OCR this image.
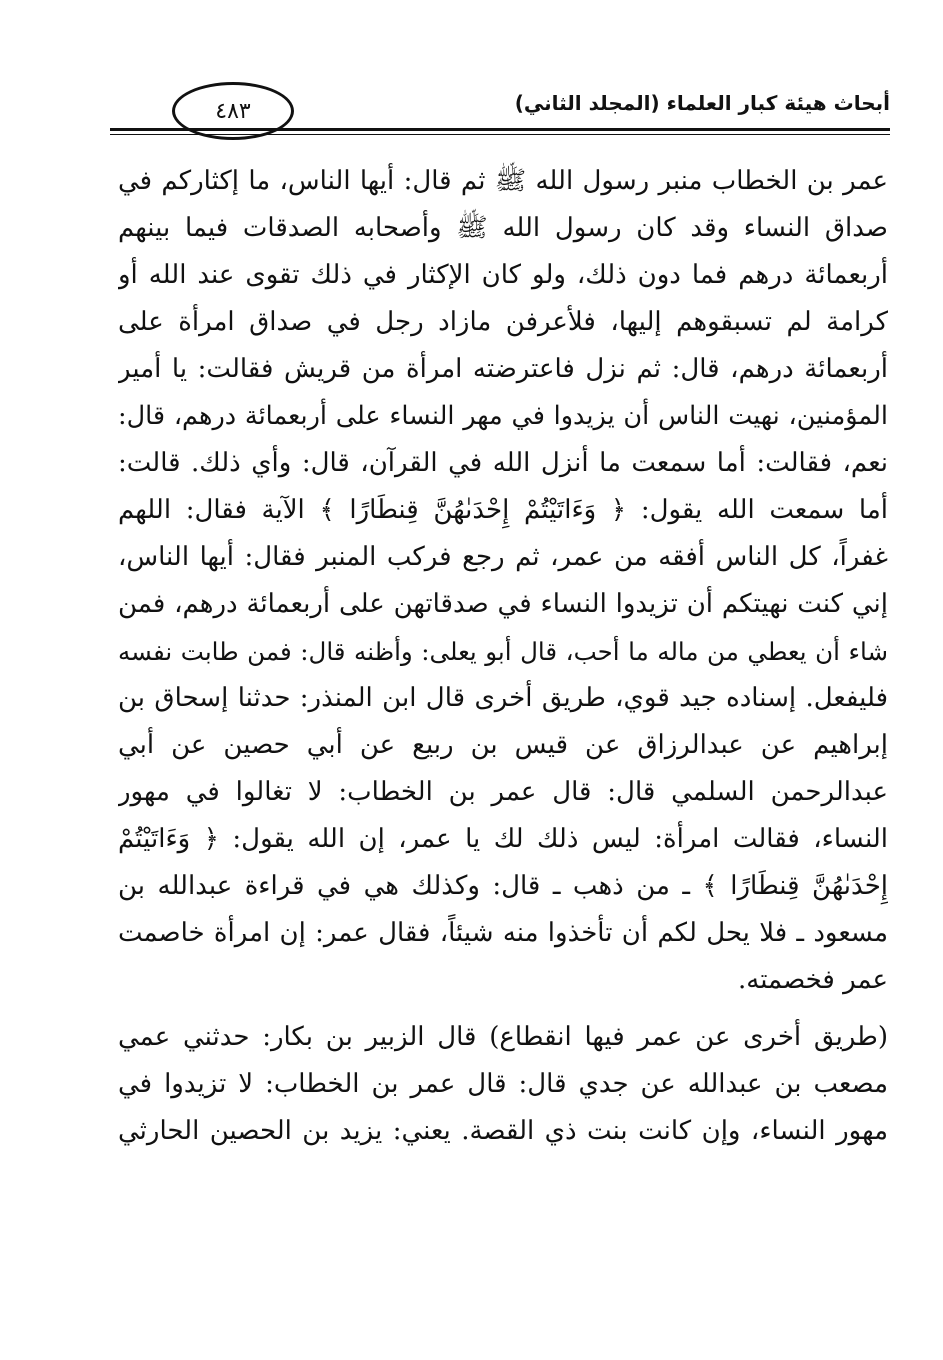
أبحاث هيئة كبار العلماء (المجلد الثاني)
٤٨٣
عمر بن الخطاب منبر رسول الله ﷺ ثم قال: أيها الناس، ما إكثاركم في
صداق النساء وقد كان رسول الله ﷺ وأصحابه الصدقات فيما بينهم
أربعمائة درهم فما دون ذلك، ولو كان الإكثار في ذلك تقوى عند الله أو
كرامة لم تسبقوهم إليها، فلأعرفن مازاد رجل في صداق امرأة على
أربعمائة درهم، قال: ثم نزل فاعترضته امرأة من قريش فقالت: يا أمير
المؤمنين، نهيت الناس أن يزيدوا في مهر النساء على أربعمائة درهم، قال:
نعم، فقالت: أما سمعت ما أنزل الله في القرآن، قال: وأي ذلك. قالت:
أما سمعت الله يقول: ﴿ وَءَاتَيْتُمْ إِحْدَىٰهُنَّ قِنطَارًا ﴾ الآية فقال: اللهم
غفراً، كل الناس أفقه من عمر، ثم رجع فركب المنبر فقال: أيها الناس،
إني كنت نهيتكم أن تزيدوا النساء في صدقاتهن على أربعمائة درهم، فمن
شاء أن يعطي من ماله ما أحب، قال أبو يعلى: وأظنه قال: فمن طابت نفسه
فليفعل. إسناده جيد قوي، طريق أخرى قال ابن المنذر: حدثنا إسحاق بن
إبراهيم عن عبدالرزاق عن قيس بن ربيع عن أبي حصين عن أبي
عبدالرحمن السلمي قال: قال عمر بن الخطاب: لا تغالوا في مهور
النساء، فقالت امرأة: ليس ذلك لك يا عمر، إن الله يقول: ﴿ وَءَاتَيْتُمْ
إِحْدَىٰهُنَّ قِنطَارًا ﴾ ـ من ذهب ـ قال: وكذلك هي في قراءة عبدالله بن
مسعود ـ فلا يحل لكم أن تأخذوا منه شيئاً، فقال عمر: إن امرأة خاصمت
عمر فخصمته.
(طريق أخرى عن عمر فيها انقطاع) قال الزبير بن بكار: حدثني عمي
مصعب بن عبدالله عن جدي قال: قال عمر بن الخطاب: لا تزيدوا في
مهور النساء، وإن كانت بنت ذي القصة. يعني: يزيد بن الحصين الحارثي
